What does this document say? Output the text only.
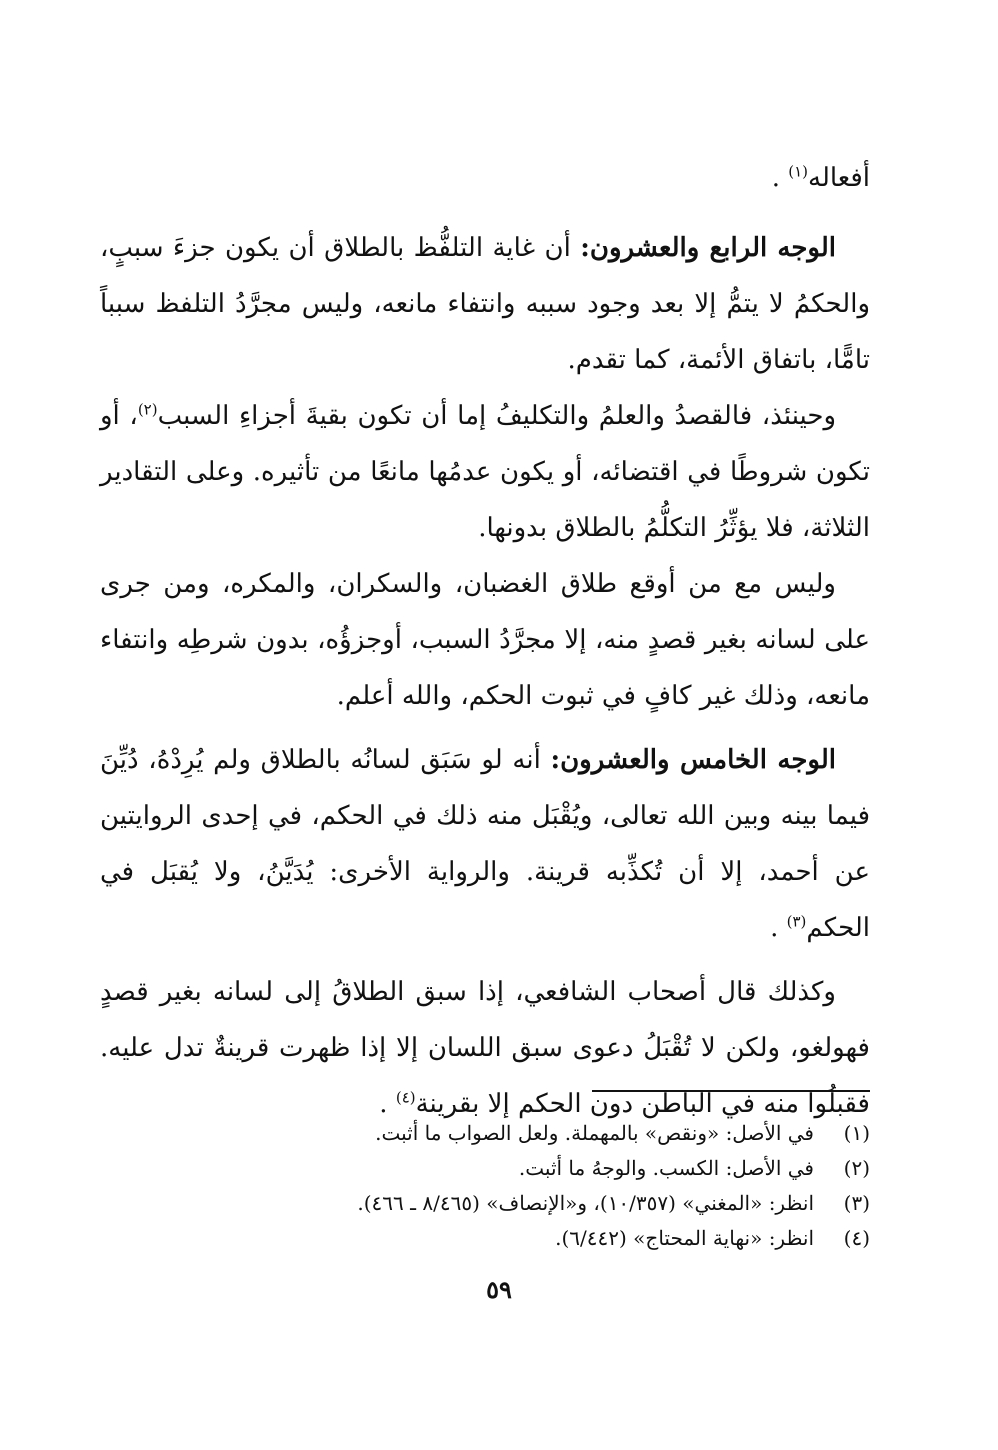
أفعاله$^{(١)}$ .

الوجه الرابع والعشرون: أن غاية التلفُّظ بالطلاق أن يكون جزءَ سببٍ، والحكمُ لا يتمُّ إلا بعد وجود سببه وانتفاء مانعه، وليس مجرَّدُ التلفظ سبباً تامًّا، باتفاق الأئمة، كما تقدم.

وحينئذ، فالقصدُ والعلمُ والتكليفُ إما أن تكون بقيةَ أجزاءِ السبب$^{(٢)}$، أو تكون شروطًا في اقتضائه، أو يكون عدمُها مانعًا من تأثيره. وعلى التقادير الثلاثة، فلا يؤثِّرُ التكلُّمُ بالطلاق بدونها.

وليس مع من أوقع طلاق الغضبان، والسكران، والمكره، ومن جرى على لسانه بغير قصدٍ منه، إلا مجرَّدُ السبب، أوجزؤُه، بدون شرطِه وانتفاء مانعه، وذلك غير كافٍ في ثبوت الحكم، والله أعلم.

الوجه الخامس والعشرون: أنه لو سَبَق لسانُه بالطلاق ولم يُرِدْهُ، دُيِّنَ فيما بينه وبين الله تعالى، ويُقْبَل منه ذلك في الحكم، في إحدى الروايتين عن أحمد، إلا أن تُكذِّبه قرينة. والرواية الأخرى: يُدَيَّنُ، ولا يُقبَل في الحكم$^{(٣)}$ .

وكذلك قال أصحاب الشافعي، إذا سبق الطلاقُ إلى لسانه بغير قصدٍ فهولغو، ولكن لا تُقْبَلُ دعوى سبق اللسان إلا إذا ظهرت قرينةٌ تدل عليه. فقبلُوا منه في الباطن دون الحكم إلا بقرينة$^{(٤)}$ .

(١)
في الأصل: «ونقص» بالمهملة. ولعل الصواب ما أثبت.
(٢)
في الأصل: الكسب. والوجهُ ما أثبت.
(٣)
انظر: «المغني» (١٠/٣٥٧)، و«الإنصاف» (٨/٤٦٥ ـ ٤٦٦).
(٤)
انظر: «نهاية المحتاج» (٦/٤٤٢).
٥٩
